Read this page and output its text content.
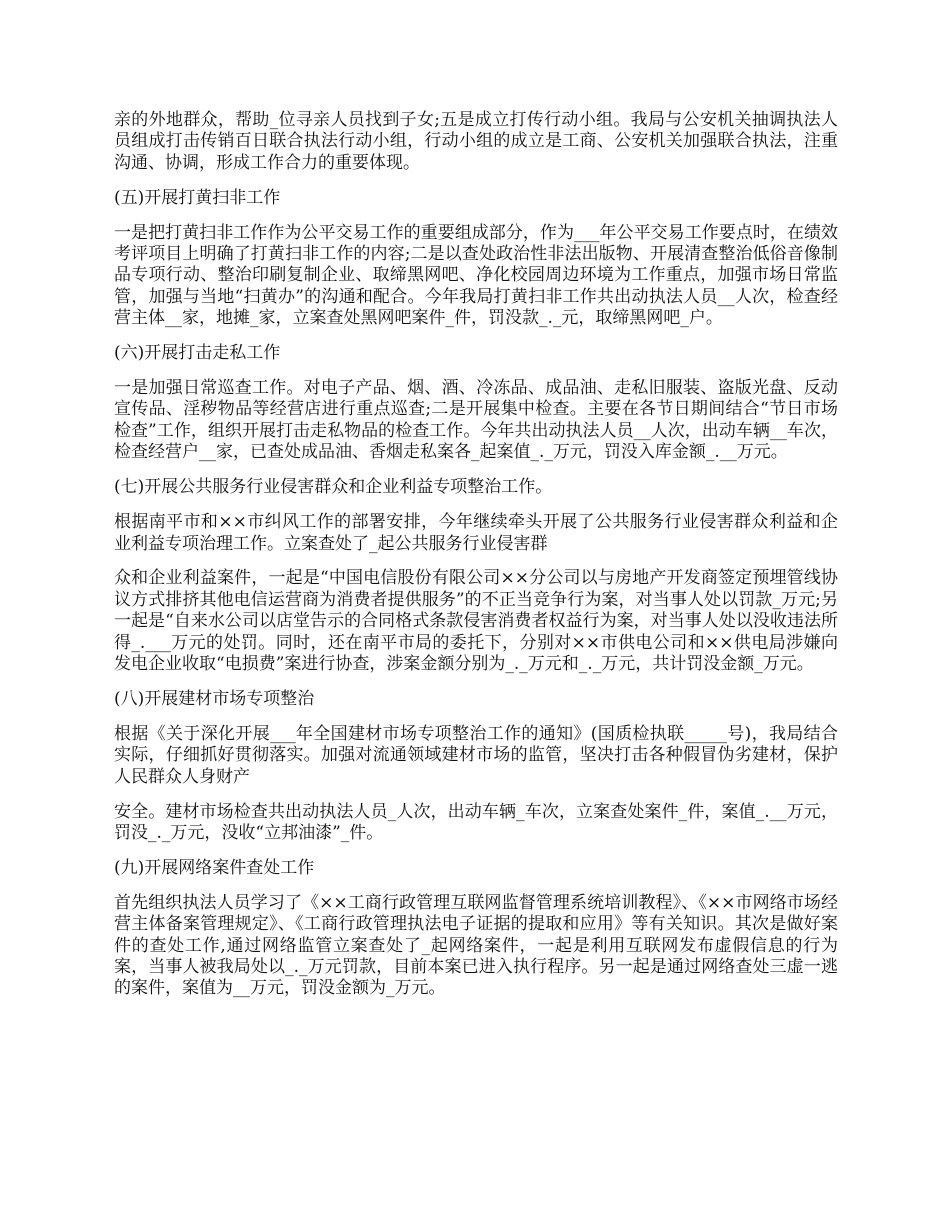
亲的外地群众，帮助_位寻亲人员找到子女;五是成立打传行动小组。我局与公安机关抽调执法人员组成打击传销百日联合执法行动小组，行动小组的成立是工商、公安机关加强联合执法，注重沟通、协调，形成工作合力的重要体现。

(五)开展打黄扫非工作

一是把打黄扫非工作作为公平交易工作的重要组成部分，作为___年公平交易工作要点时，在绩效考评项目上明确了打黄扫非工作的内容;二是以查处政治性非法出版物、开展清查整治低俗音像制品专项行动、整治印刷复制企业、取缔黑网吧、净化校园周边环境为工作重点，加强市场日常监管，加强与当地“扫黄办”的沟通和配合。今年我局打黄扫非工作共出动执法人员__人次，检查经营主体__家，地摊_家，立案查处黑网吧案件_件，罚没款_._元，取缔黑网吧_户。

(六)开展打击走私工作

一是加强日常巡查工作。对电子产品、烟、酒、冷冻品、成品油、走私旧服装、盗版光盘、反动宣传品、淫秽物品等经营店进行重点巡查;二是开展集中检查。主要在各节日期间结合“节日市场检查”工作，组织开展打击走私物品的检查工作。今年共出动执法人员__人次，出动车辆__车次，检查经营户__家，已查处成品油、香烟走私案各_起案值_._万元，罚没入库金额_.__万元。

(七)开展公共服务行业侵害群众和企业利益专项整治工作。

根据南平市和××市纠风工作的部署安排，今年继续牵头开展了公共服务行业侵害群众利益和企业利益专项治理工作。立案查处了_起公共服务行业侵害群

众和企业利益案件，一起是“中国电信股份有限公司××分公司以与房地产开发商签定预埋管线协议方式排挤其他电信运营商为消费者提供服务”的不正当竞争行为案，对当事人处以罚款_万元;另一起是“自来水公司以店堂告示的合同格式条款侵害消费者权益行为案，对当事人处以没收违法所得_.___万元的处罚。同时，还在南平市局的委托下，分别对××市供电公司和××供电局涉嫌向发电企业收取“电损费”案进行协查，涉案金额分别为_._万元和_._万元，共计罚没金额_万元。

(八)开展建材市场专项整治

根据《关于深化开展___年全国建材市场专项整治工作的通知》(国质检执联_____号)，我局结合实际，仔细抓好贯彻落实。加强对流通领域建材市场的监管，坚决打击各种假冒伪劣建材，保护人民群众人身财产

安全。建材市场检查共出动执法人员_人次，出动车辆_车次，立案查处案件_件，案值_.__万元，罚没_._万元，没收“立邦油漆”_件。

(九)开展网络案件查处工作

首先组织执法人员学习了《××工商行政管理互联网监督管理系统培训教程》、《××市网络市场经营主体备案管理规定》、《工商行政管理执法电子证据的提取和应用》等有关知识。其次是做好案件的查处工作,通过网络监管立案查处了_起网络案件，一起是利用互联网发布虚假信息的行为案，当事人被我局处以_._万元罚款，目前本案已进入执行程序。另一起是通过网络查处三虚一逃的案件，案值为__万元，罚没金额为_万元。
